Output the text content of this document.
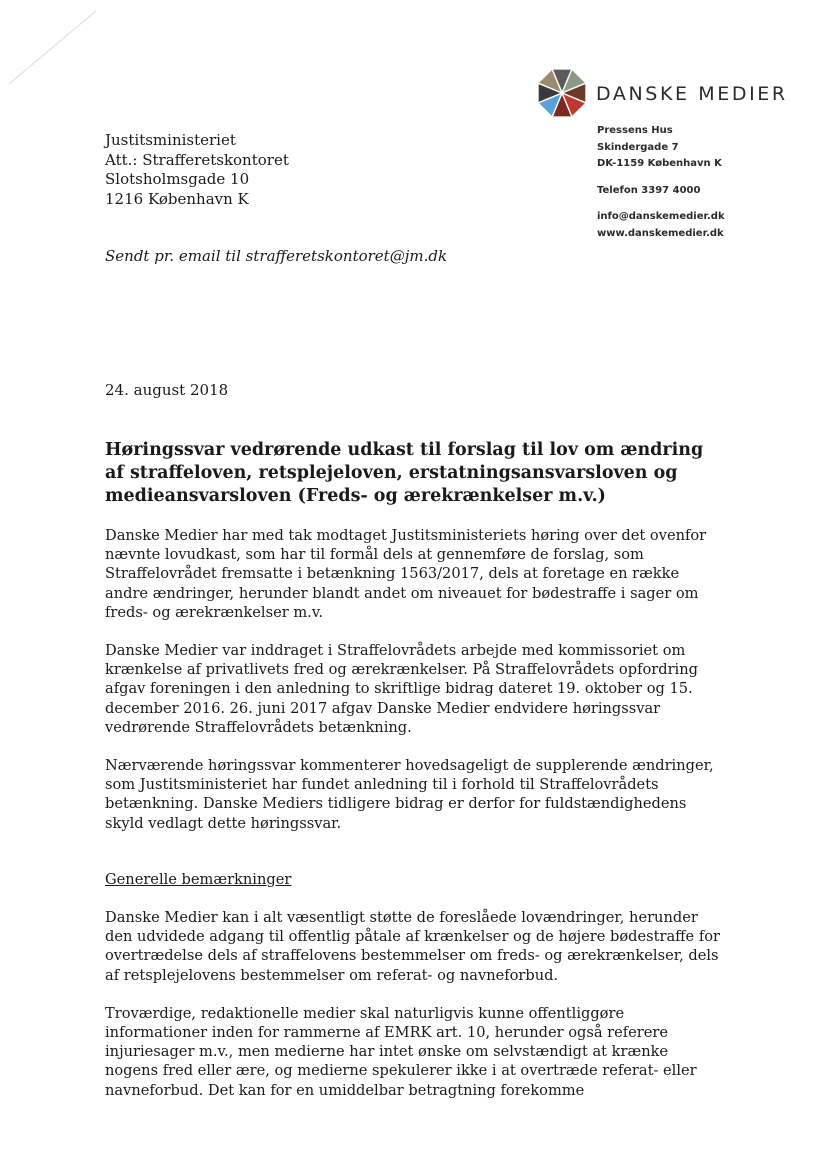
DANSKE MEDIER
Pressens Hus
Skindergade 7
DK-1159 København K
Telefon 3397 4000
info@danskemedier.dk
www.danskemedier.dk
Justitsministeriet
Att.: Strafferetskontoret
Slotsholmsgade 10
1216 København K
Sendt pr. email til strafferetskontoret@jm.dk
24. august 2018
Høringssvar vedrørende udkast til forslag til lov om ændring af straffeloven, retsplejeloven, erstatningsansvarsloven og medieansvarsloven (Freds- og ærekrænkelser m.v.)

Danske Medier har med tak modtaget Justitsministeriets høring over det ovenfor nævnte lovudkast, som har til formål dels at gennemføre de forslag, som Straffelovrådet fremsatte i betænkning 1563/2017, dels at foretage en række andre ændringer, herunder blandt andet om niveauet for bødestraffe i sager om freds- og ærekrænkelser m.v.

Danske Medier var inddraget i Straffelovrådets arbejde med kommissoriet om krænkelse af privatlivets fred og ærekrænkelser. På Straffelovrådets opfordring afgav foreningen i den anledning to skriftlige bidrag dateret 19. oktober og 15. december 2016. 26. juni 2017 afgav Danske Medier endvidere høringssvar vedrørende Straffelovrådets betænkning.

Nærværende høringssvar kommenterer hovedsageligt de supplerende ændringer, som Justitsministeriet har fundet anledning til i forhold til Straffelovrådets betænkning. Danske Mediers tidligere bidrag er derfor for fuldstændighedens skyld vedlagt dette høringssvar.

Generelle bemærkninger

Danske Medier kan i alt væsentligt støtte de foreslåede lovændringer, herunder den udvidede adgang til offentlig påtale af krænkelser og de højere bødestraffe for overtrædelse dels af straffelovens bestemmelser om freds- og ærekrænkelser, dels af retsplejelovens bestemmelser om referat- og navneforbud.

Troværdige, redaktionelle medier skal naturligvis kunne offentliggøre informationer inden for rammerne af EMRK art. 10, herunder også referere injuriesager m.v., men medierne har intet ønske om selvstændigt at krænke nogens fred eller ære, og medierne spekulerer ikke i at overtræde referat- eller navneforbud. Det kan for en umiddelbar betragtning forekomme
